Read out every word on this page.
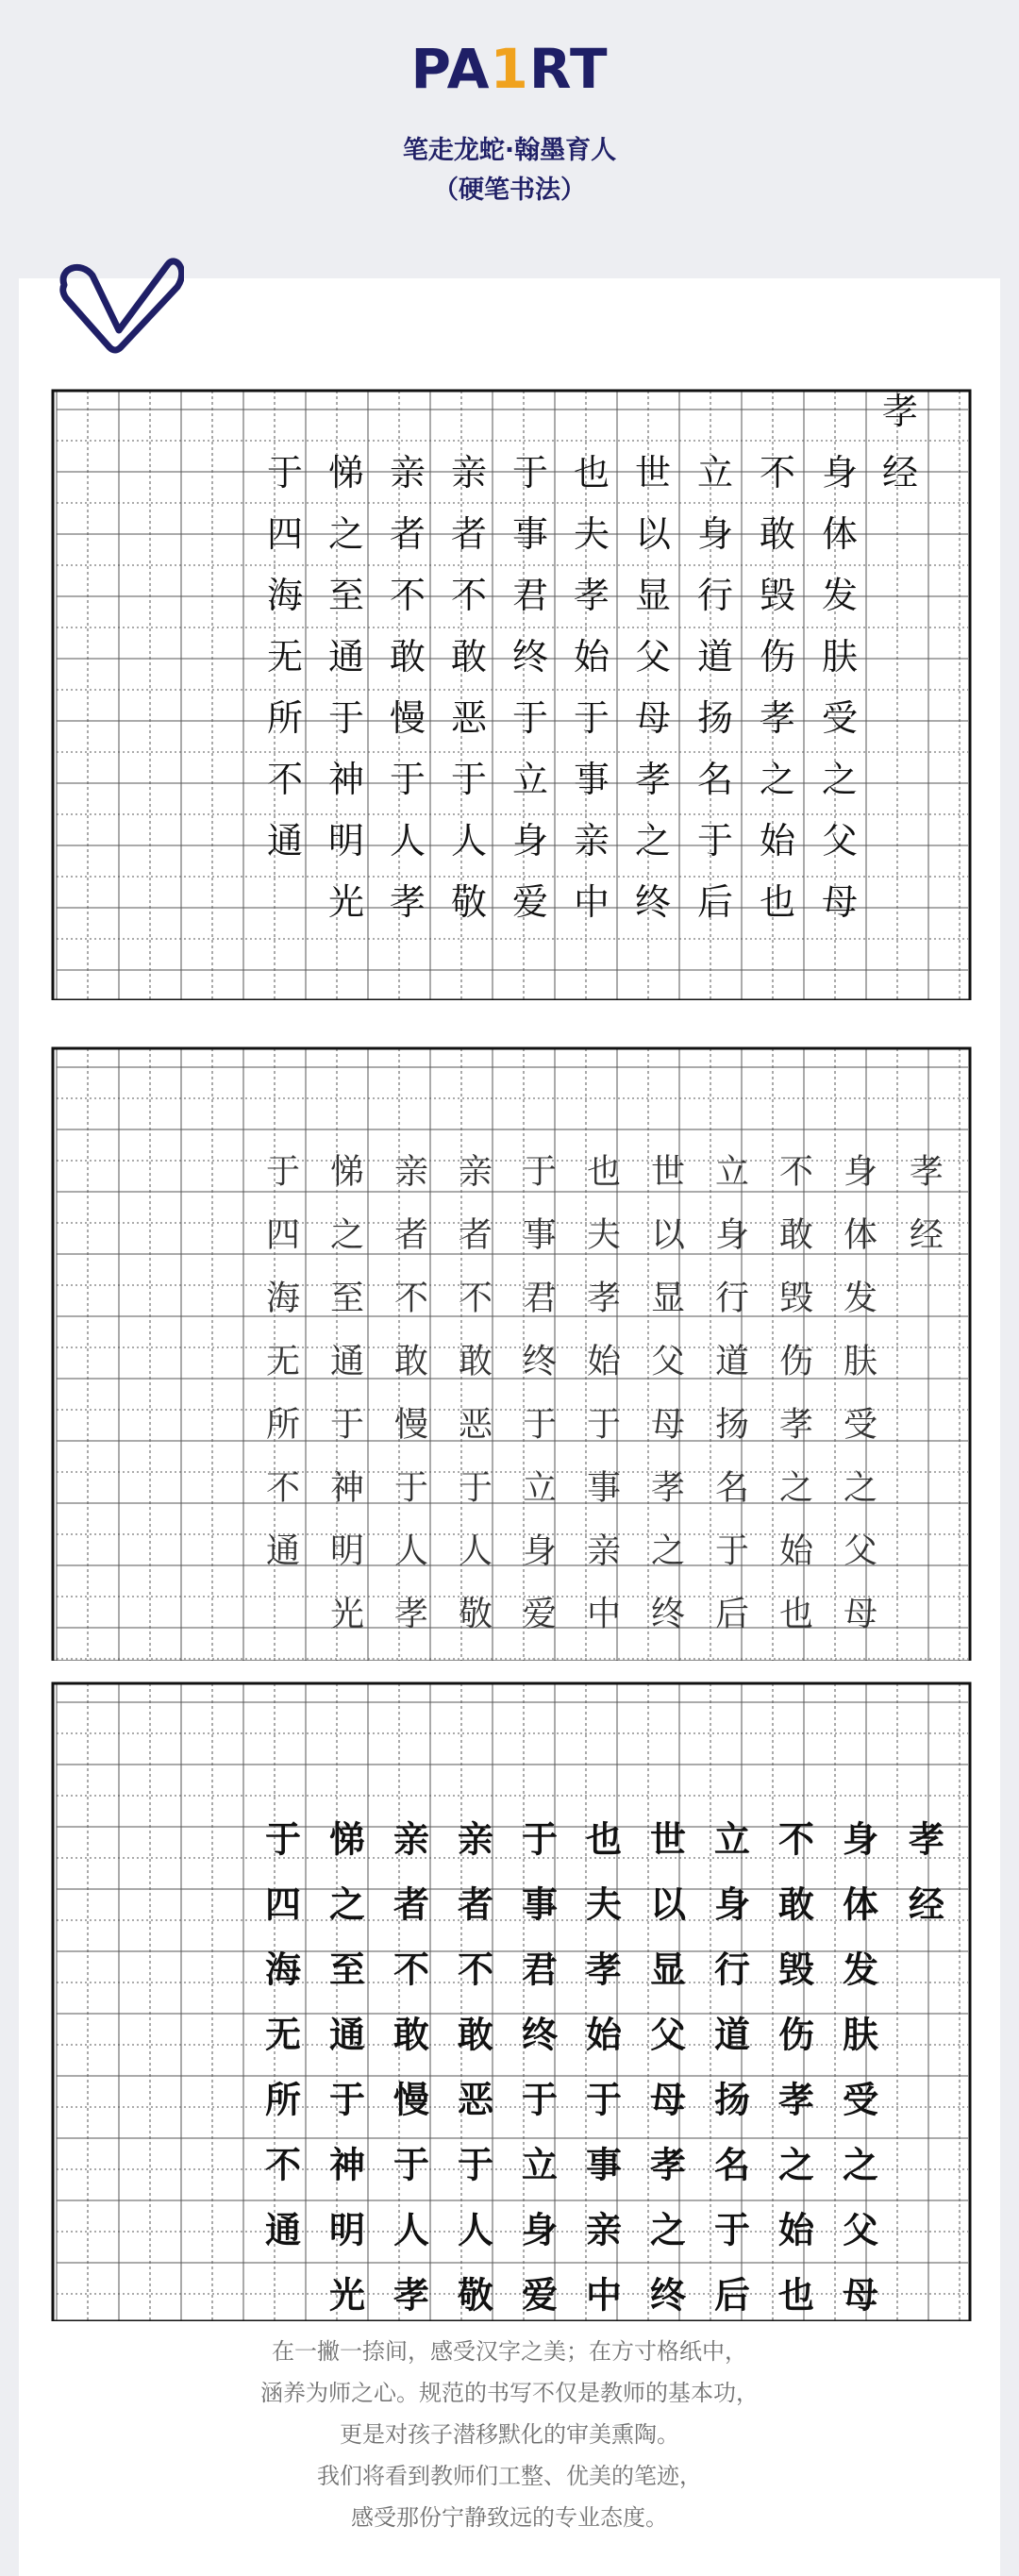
PA1RT
笔走龙蛇·翰墨育人
（硬笔书法）
孝
经
身
体
发
肤
受
之
父
母
不
敢
毁
伤
孝
之
始
也
立
身
行
道
扬
名
于
后
世
以
显
父
母
孝
之
终
也
夫
孝
始
于
事
亲
中
于
事
君
终
于
立
身
爱
亲
者
不
敢
恶
于
人
敬
亲
者
不
敢
慢
于
人
孝
悌
之
至
通
于
神
明
光
于
四
海
无
所
不
通
孝
经
身
体
发
肤
受
之
父
母
不
敢
毁
伤
孝
之
始
也
立
身
行
道
扬
名
于
后
世
以
显
父
母
孝
之
终
也
夫
孝
始
于
事
亲
中
于
事
君
终
于
立
身
爱
亲
者
不
敢
恶
于
人
敬
亲
者
不
敢
慢
于
人
孝
悌
之
至
通
于
神
明
光
于
四
海
无
所
不
通
孝
经
身
体
发
肤
受
之
父
母
不
敢
毁
伤
孝
之
始
也
立
身
行
道
扬
名
于
后
世
以
显
父
母
孝
之
终
也
夫
孝
始
于
事
亲
中
于
事
君
终
于
立
身
爱
亲
者
不
敢
恶
于
人
敬
亲
者
不
敢
慢
于
人
孝
悌
之
至
通
于
神
明
光
于
四
海
无
所
不
通

在一撇一捺间，感受汉字之美；在方寸格纸中，

涵养为师之心。规范的书写不仅是教师的基本功，

更是对孩子潜移默化的审美熏陶。

我们将看到教师们工整、优美的笔迹，

感受那份宁静致远的专业态度。
